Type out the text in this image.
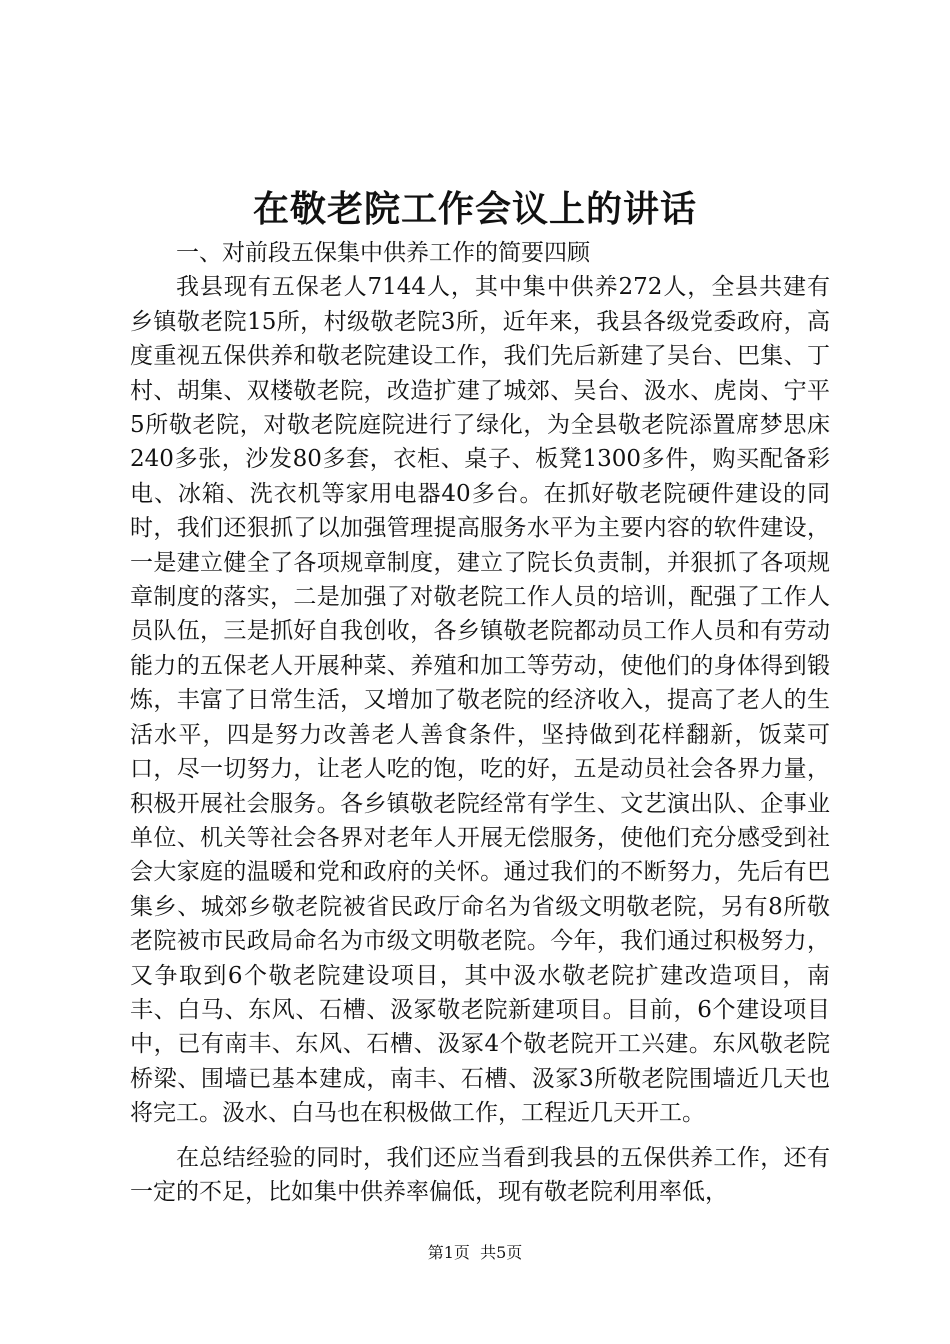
在敬老院工作会议上的讲话

一、对前段五保集中供养工作的简要四顾

我县现有五保老人7144人，其中集中供养272人，全县共建有乡镇敬老院15所，村级敬老院3所，近年来，我县各级党委政府，高度重视五保供养和敬老院建设工作，我们先后新建了吴台、巴集、丁村、胡集、双楼敬老院，改造扩建了城郊、吴台、汲水、虎岗、宁平5所敬老院，对敬老院庭院进行了绿化，为全县敬老院添置席梦思床240多张，沙发80多套，衣柜、桌子、板凳1300多件，购买配备彩电、冰箱、洗衣机等家用电器40多台。在抓好敬老院硬件建设的同时，我们还狠抓了以加强管理提高服务水平为主要内容的软件建设，一是建立健全了各项规章制度，建立了院长负责制，并狠抓了各项规章制度的落实，二是加强了对敬老院工作人员的培训，配强了工作人员队伍，三是抓好自我创收，各乡镇敬老院都动员工作人员和有劳动能力的五保老人开展种菜、养殖和加工等劳动，使他们的身体得到锻炼，丰富了日常生活，又增加了敬老院的经济收入，提高了老人的生活水平，四是努力改善老人善食条件，坚持做到花样翻新，饭菜可口，尽一切努力，让老人吃的饱，吃的好，五是动员社会各界力量，积极开展社会服务。各乡镇敬老院经常有学生、文艺演出队、企事业单位、机关等社会各界对老年人开展无偿服务，使他们充分感受到社会大家庭的温暖和党和政府的关怀。通过我们的不断努力，先后有巴集乡、城郊乡敬老院被省民政厅命名为省级文明敬老院，另有8所敬老院被市民政局命名为市级文明敬老院。今年，我们通过积极努力，又争取到6个敬老院建设项目，其中汲水敬老院扩建改造项目，南丰、白马、东风、石槽、汲冢敬老院新建项目。目前，6个建设项目中，已有南丰、东风、石槽、汲冢4个敬老院开工兴建。东风敬老院桥梁、围墙已基本建成，南丰、石槽、汲冢3所敬老院围墙近几天也将完工。汲水、白马也在积极做工作，工程近几天开工。

在总结经验的同时，我们还应当看到我县的五保供养工作，还有一定的不足，比如集中供养率偏低，现有敬老院利用率低，

第1页  共5页
